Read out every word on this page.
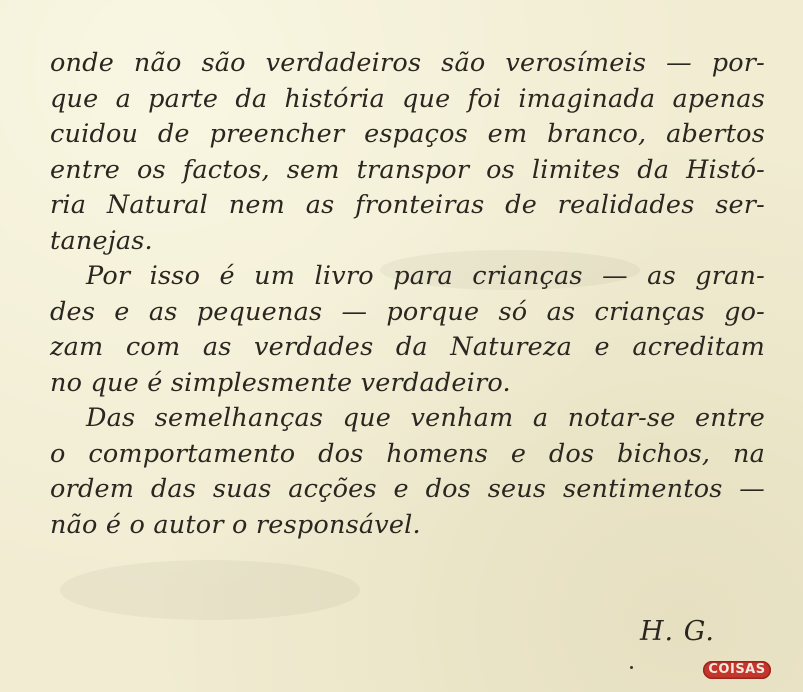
onde não são verdadeiros são verosímeis — por-
que a parte da história que foi imaginada apenas
cuidou de preencher espaços em branco, abertos
entre os factos, sem transpor os limites da Histó-
ria Natural nem as fronteiras de realidades ser-
tanejas.
Por isso é um livro para crianças — as gran-
des e as pequenas — porque só as crianças go-
zam com as verdades da Natureza e acreditam
no que é simplesmente verdadeiro.
Das semelhanças que venham a notar-se entre
o comportamento dos homens e dos bichos, na
ordem das suas acções e dos seus sentimentos —
não é o autor o responsável.
H. G.
COISAS
